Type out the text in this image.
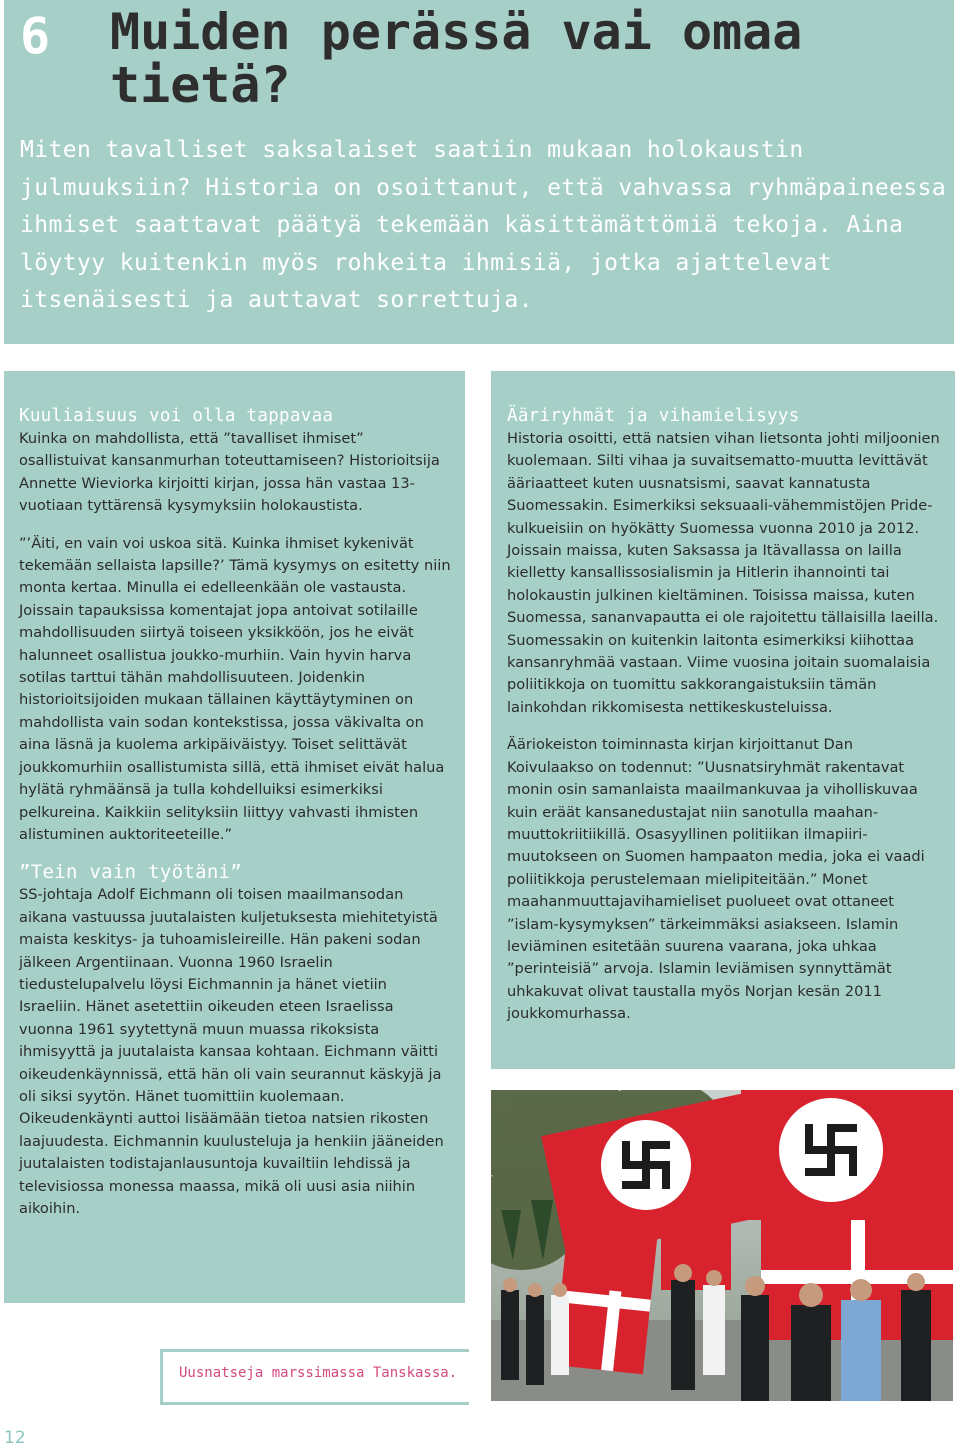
6 Muiden perässä vai omaa tietä?

Miten tavalliset saksalaiset saatiin mukaan holokaustin julmuuksiin? Historia on osoittanut, että vahvassa ryhmäpaineessa ihmiset saattavat päätyä tekemään käsittämättömiä tekoja. Aina löytyy kuitenkin myös rohkeita ihmisiä, jotka ajattelevat itsenäisesti ja auttavat sorrettuja.

Kuuliaisuus voi olla tappavaa

Kuinka on mahdollista, että ”tavalliset ihmiset” osallistuivat kansanmurhan toteuttamiseen? Historioitsija Annette Wieviorka kirjoitti kirjan, jossa hän vastaa 13-vuotiaan tyttärensä kysymyksiin holokaustista.

”’Äiti, en vain voi uskoa sitä. Kuinka ihmiset kykenivät tekemään sellaista lapsille?’ Tämä kysymys on esitetty niin monta kertaa. Minulla ei edelleenkään ole vastausta. Joissain tapauksissa komentajat jopa antoivat sotilaille mahdollisuuden siirtyä toiseen yksikköön, jos he eivät halunneet osallistua joukko-murhiin. Vain hyvin harva sotilas tarttui tähän mahdollisuuteen. Joidenkin historioitsijoiden mukaan tällainen käyttäytyminen on mahdollista vain sodan kontekstissa, jossa väkivalta on aina läsnä ja kuolema arkipäiväistyy. Toiset selittävät joukkomurhiin osallistumista sillä, että ihmiset eivät halua hylätä ryhmäänsä ja tulla kohdelluiksi esimerkiksi pelkureina. Kaikkiin selityksiin liittyy vahvasti ihmisten alistuminen auktoriteeteille.”

”Tein vain työtäni”

SS-johtaja Adolf Eichmann oli toisen maailmansodan aikana vastuussa juutalaisten kuljetuksesta miehitetyistä maista keskitys- ja tuhoamisleireille. Hän pakeni sodan jälkeen Argentiinaan. Vuonna 1960 Israelin tiedustelupalvelu löysi Eichmannin ja hänet vietiin Israeliin. Hänet asetettiin oikeuden eteen Israelissa vuonna 1961 syytettynä muun muassa rikoksista ihmisyyttä ja juutalaista kansaa kohtaan. Eichmann väitti oikeudenkäynnissä, että hän oli vain seurannut käskyjä ja oli siksi syytön. Hänet tuomittiin kuolemaan. Oikeudenkäynti auttoi lisäämään tietoa natsien rikosten laajuudesta. Eichmannin kuulusteluja ja henkiin jääneiden juutalaisten todistajanlausuntoja kuvailtiin lehdissä ja televisiossa monessa maassa, mikä oli uusi asia niihin aikoihin.

Ääriryhmät ja vihamielisyys

Historia osoitti, että natsien vihan lietsonta johti miljoonien kuolemaan. Silti vihaa ja suvaitsematto-muutta levittävät ääriaatteet kuten uusnatsismi, saavat kannatusta Suomessakin. Esimerkiksi seksuaali-vähemmistöjen Pride-kulkueisiin on hyökätty Suomessa vuonna 2010 ja 2012. Joissain maissa, kuten Saksassa ja Itävallassa on lailla kielletty kansallissosialismin ja Hitlerin ihannointi tai holokaustin julkinen kieltäminen. Toisissa maissa, kuten Suomessa, sananvapautta ei ole rajoitettu tällaisilla laeilla. Suomessakin on kuitenkin laitonta esimerkiksi kiihottaa kansanryhmää vastaan. Viime vuosina joitain suomalaisia poliitikkoja on tuomittu sakkorangaistuksiin tämän lainkohdan rikkomisesta nettikeskusteluissa.

Ääriokeiston toiminnasta kirjan kirjoittanut Dan Koivulaakso on todennut: ”Uusnatsiryhmät rakentavat monin osin samanlaista maailmankuvaa ja viholliskuvaa kuin eräät kansanedustajat niin sanotulla maahan-muuttokriitiikillä. Osasyyllinen politiikan ilmapiiri-muutokseen on Suomen hampaaton media, joka ei vaadi poliitikkoja perustelemaan mielipiteitään.” Monet maahanmuuttajavihamieliset puolueet ovat ottaneet ”islam-kysymyksen” tärkeimmäksi asiakseen. Islamin leviäminen esitetään suurena vaarana, joka uhkaa ”perinteisiä” arvoja. Islamin leviämisen synnyttämät uhkakuvat olivat taustalla myös Norjan kesän 2011 joukkomurhassa.

Uusnatseja marssimassa Tanskassa.
12
